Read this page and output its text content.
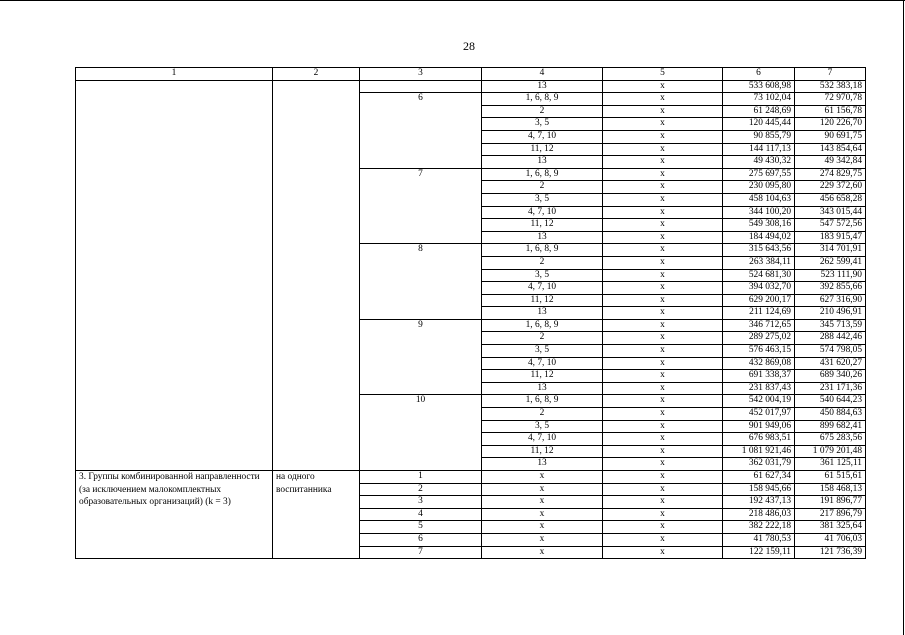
28
1	2	3	4	5	6	7
			13	х	533 608,98	532 383,18
		6	1, 6, 8, 9	х	73 102,04	72 970,78
			2	х	61 248,69	61 156,78
			3, 5	х	120 445,44	120 226,70
			4, 7, 10	х	90 855,79	90 691,75
			11, 12	х	144 117,13	143 854,64
			13	х	49 430,32	49 342,84
		7	1, 6, 8, 9	х	275 697,55	274 829,75
			2	х	230 095,80	229 372,60
			3, 5	х	458 104,63	456 658,28
			4, 7, 10	х	344 100,20	343 015,44
			11, 12	х	549 308,16	547 572,56
			13	х	184 494,02	183 915,47
		8	1, 6, 8, 9	х	315 643,56	314 701,91
			2	х	263 384,11	262 599,41
			3, 5	х	524 681,30	523 111,90
			4, 7, 10	х	394 032,70	392 855,66
			11, 12	х	629 200,17	627 316,90
			13	х	211 124,69	210 496,91
		9	1, 6, 8, 9	х	346 712,65	345 713,59
			2	х	289 275,02	288 442,46
			3, 5	х	576 463,15	574 798,05
			4, 7, 10	х	432 869,08	431 620,27
			11, 12	х	691 338,37	689 340,26
			13	х	231 837,43	231 171,36
		10	1, 6, 8, 9	х	542 004,19	540 644,23
			2	х	452 017,97	450 884,63
			3, 5	х	901 949,06	899 682,41
			4, 7, 10	х	676 983,51	675 283,56
			11, 12	х	1 081 921,46	1 079 201,48
			13	х	362 031,79	361 125,11
3. Группы комбинированной направленности (за исключением малокомплектных образовательных организаций) (k = 3)	на одного воспитанника	1	х	х	61 627,34	61 515,61
		2	х	х	158 945,66	158 468,13
		3	х	х	192 437,13	191 896,77
		4	х	х	218 486,03	217 896,79
		5	х	х	382 222,18	381 325,64
		6	х	х	41 780,53	41 706,03
		7	х	х	122 159,11	121 736,39
